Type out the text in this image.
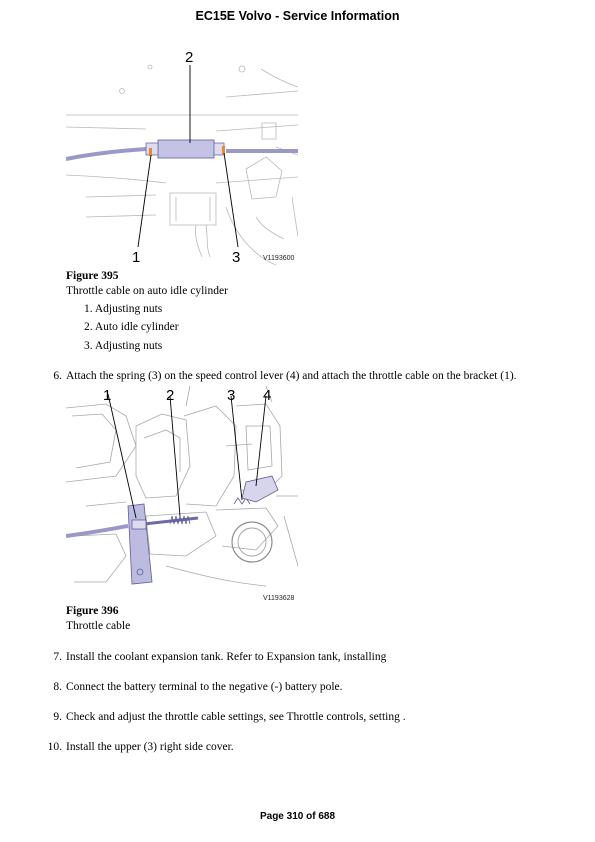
EC15E Volvo - Service Information
2
1	3	V1193600
Figure 395
Throttle cable on auto idle cylinder
1. Adjusting nuts
2. Auto idle cylinder
3. Adjusting nuts
6. Attach the spring (3) on the speed control lever (4) and attach the throttle cable on the bracket (1).
1	2	3 4
V1193628
Figure 396
Throttle cable
7. Install the coolant expansion tank. Refer to Expansion tank, installing
8. Connect the battery terminal to the negative (-) battery pole.
9. Check and adjust the throttle cable settings, see Throttle controls, setting .
10. Install the upper (3) right side cover.
Page 310 of 688
